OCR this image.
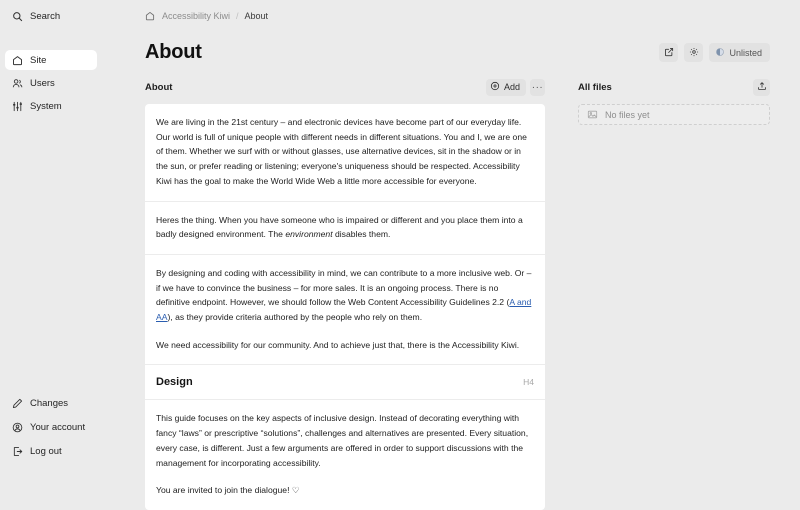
Search
Site
Users
System
Changes
Your account
Log out
Accessibility Kiwi / About
About	Unlisted
About	Add ···

We are living in the 21st century – and electronic devices have become part of our everyday life. Our world is full of unique people with different needs in different situations. You and I, we are one of them. Whether we surf with or without glasses, use alternative devices, sit in the shadow or in the sun, or prefer reading or listening; everyone's uniqueness should be respected. Accessibility Kiwi has the goal to make the World Wide Web a little more accessible for everyone.

Heres the thing. When you have someone who is impaired or different and you place them into a badly designed environment. The environment disables them.

By designing and coding with accessibility in mind, we can contribute to a more inclusive web. Or – if we have to convince the business – for more sales. It is an ongoing process. There is no definitive endpoint. However, we should follow the Web Content Accessibility Guidelines 2.2 (A and AA), as they provide criteria authored by the people who rely on them.

We need accessibility for our community. And to achieve just that, there is the Accessibility Kiwi.

Design	H4

This guide focuses on the key aspects of inclusive design. Instead of decorating everything with fancy “laws” or prescriptive “solutions”, challenges and alternatives are presented. Every situation, every case, is different. Just a few arguments are offered in order to support discussions with the management for incorporating accessibility.

You are invited to join the dialogue! ♡

All files
No files yet
